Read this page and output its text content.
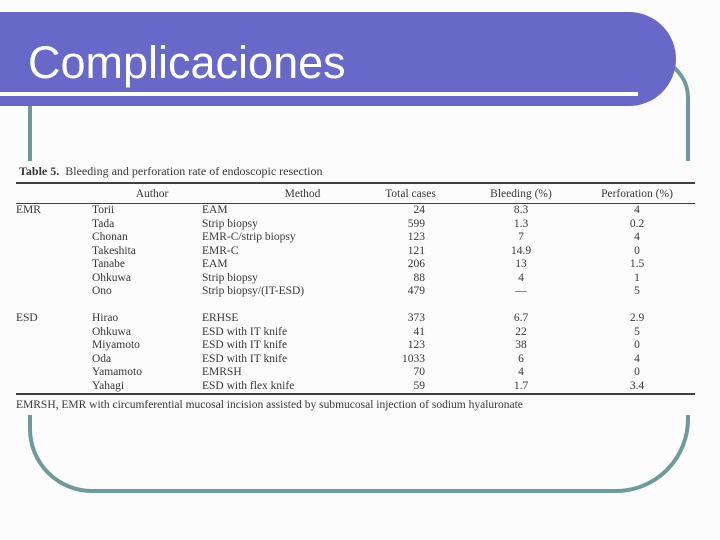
Complicaciones
Table 5. Bleeding and perforation rate of endoscopic resection
	Author	Method	Total cases	Bleeding (%)	Perforation (%)
EMR	Torii	EAM	24	8.3	4
	Tada	Strip biopsy	599	1.3	0.2
	Chonan	EMR-C/strip biopsy	123	7	4
	Takeshita	EMR-C	121	14.9	0
	Tanabe	EAM	206	13	1.5
	Ohkuwa	Strip biopsy	88	4	1
	Ono	Strip biopsy/(IT-ESD)	479	—	5

ESD	Hirao	ERHSE	373	6.7	2.9
	Ohkuwa	ESD with IT knife	41	22	5
	Miyamoto	ESD with IT knife	123	38	0
	Oda	ESD with IT knife	1033	6	4
	Yamamoto	EMRSH	70	4	0
	Yahagi	ESD with flex knife	59	1.7	3.4
EMRSH, EMR with circumferential mucosal incision assisted by submucosal injection of sodium hyaluronate
